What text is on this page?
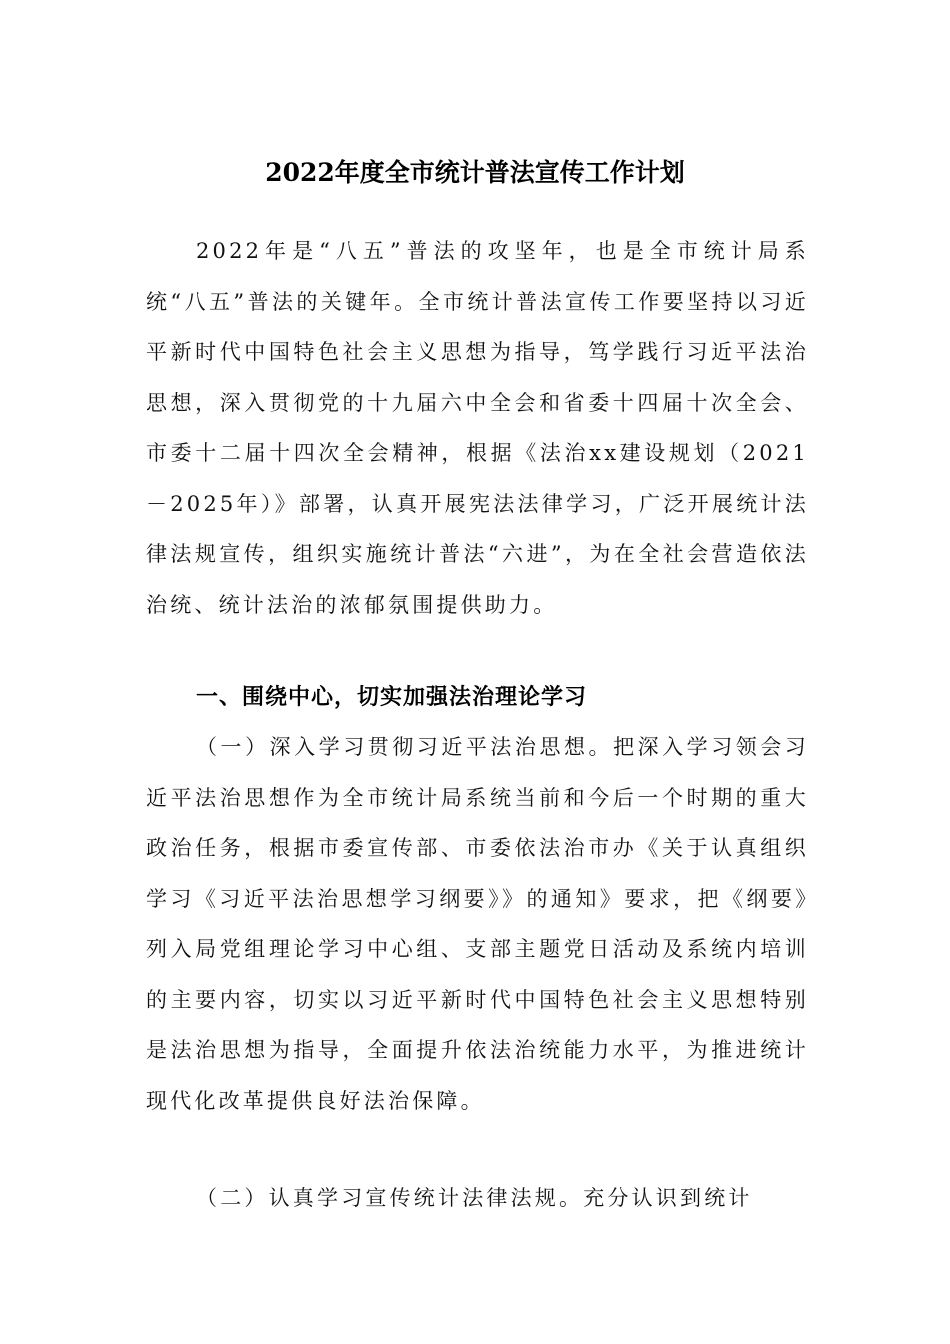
2022年度全市统计普法宣传工作计划

2022年是“八五”普法的攻坚年，也是全市统计局系统“八五”普法的关键年。全市统计普法宣传工作要坚持以习近平新时代中国特色社会主义思想为指导，笃学践行习近平法治思想，深入贯彻党的十九届六中全会和省委十四届十次全会、市委十二届十四次全会精神，根据《法治xx建设规划（2021－2025年）》部署，认真开展宪法法律学习，广泛开展统计法律法规宣传，组织实施统计普法“六进”，为在全社会营造依法治统、统计法治的浓郁氛围提供助力。

一、围绕中心，切实加强法治理论学习

（一）深入学习贯彻习近平法治思想。把深入学习领会习近平法治思想作为全市统计局系统当前和今后一个时期的重大政治任务，根据市委宣传部、市委依法治市办《关于认真组织学习《习近平法治思想学习纲要》》的通知》要求，把《纲要》列入局党组理论学习中心组、支部主题党日活动及系统内培训的主要内容，切实以习近平新时代中国特色社会主义思想特别是法治思想为指导，全面提升依法治统能力水平，为推进统计现代化改革提供良好法治保障。

（二）认真学习宣传统计法律法规。充分认识到统计
